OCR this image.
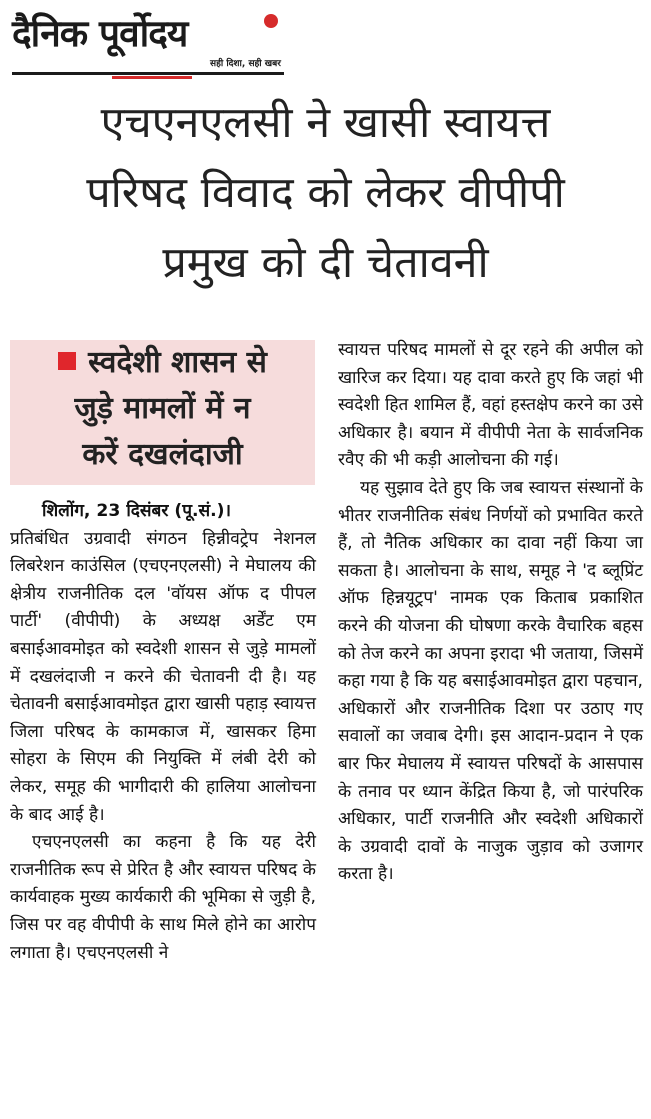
दैनिक पूर्वोदय
सही दिशा, सही खबर
एचएनएलसी ने खासी स्वायत्त
परिषद विवाद को लेकर वीपीपी
प्रमुख को दी चेतावनी
स्वदेशी शासन से
जुड़े मामलों में न
करें दखलंदाजी

शिलोंग, 23 दिसंबर (पू.सं.)।

प्रतिबंधित उग्रवादी संगठन हिन्नीवट्रेप नेशनल लिबरेशन काउंसिल (एचएनएलसी) ने मेघालय की क्षेत्रीय राजनीतिक दल 'वॉयस ऑफ द पीपल पार्टी' (वीपीपी) के अध्यक्ष अर्डेंट एम बसाईआवमोइत को स्वदेशी शासन से जुड़े मामलों में दखलंदाजी न करने की चेतावनी दी है। यह चेतावनी बसाईआवमोइत द्वारा खासी पहाड़ स्वायत्त जिला परिषद के कामकाज में, खासकर हिमा सोहरा के सिएम की नियुक्ति में लंबी देरी को लेकर, समूह की भागीदारी की हालिया आलोचना के बाद आई है।

एचएनएलसी का कहना है कि यह देरी राजनीतिक रूप से प्रेरित है और स्वायत्त परिषद के कार्यवाहक मुख्य कार्यकारी की भूमिका से जुड़ी है, जिस पर वह वीपीपी के साथ मिले होने का आरोप लगाता है। एचएनएलसी ने

स्वायत्त परिषद मामलों से दूर रहने की अपील को खारिज कर दिया। यह दावा करते हुए कि जहां भी स्वदेशी हित शामिल हैं, वहां हस्तक्षेप करने का उसे अधिकार है। बयान में वीपीपी नेता के सार्वजनिक रवैए की भी कड़ी आलोचना की गई।

यह सुझाव देते हुए कि जब स्वायत्त संस्थानों के भीतर राजनीतिक संबंध निर्णयों को प्रभावित करते हैं, तो नैतिक अधिकार का दावा नहीं किया जा सकता है। आलोचना के साथ, समूह ने 'द ब्लूप्रिंट ऑफ हिन्नयूट्रप' नामक एक किताब प्रकाशित करने की योजना की घोषणा करके वैचारिक बहस को तेज करने का अपना इरादा भी जताया, जिसमें कहा गया है कि यह बसाईआवमोइत द्वारा पहचान, अधिकारों और राजनीतिक दिशा पर उठाए गए सवालों का जवाब देगी। इस आदान-प्रदान ने एक बार फिर मेघालय में स्वायत्त परिषदों के आसपास के तनाव पर ध्यान केंद्रित किया है, जो पारंपरिक अधिकार, पार्टी राजनीति और स्वदेशी अधिकारों के उग्रवादी दावों के नाजुक जुड़ाव को उजागर करता है।
